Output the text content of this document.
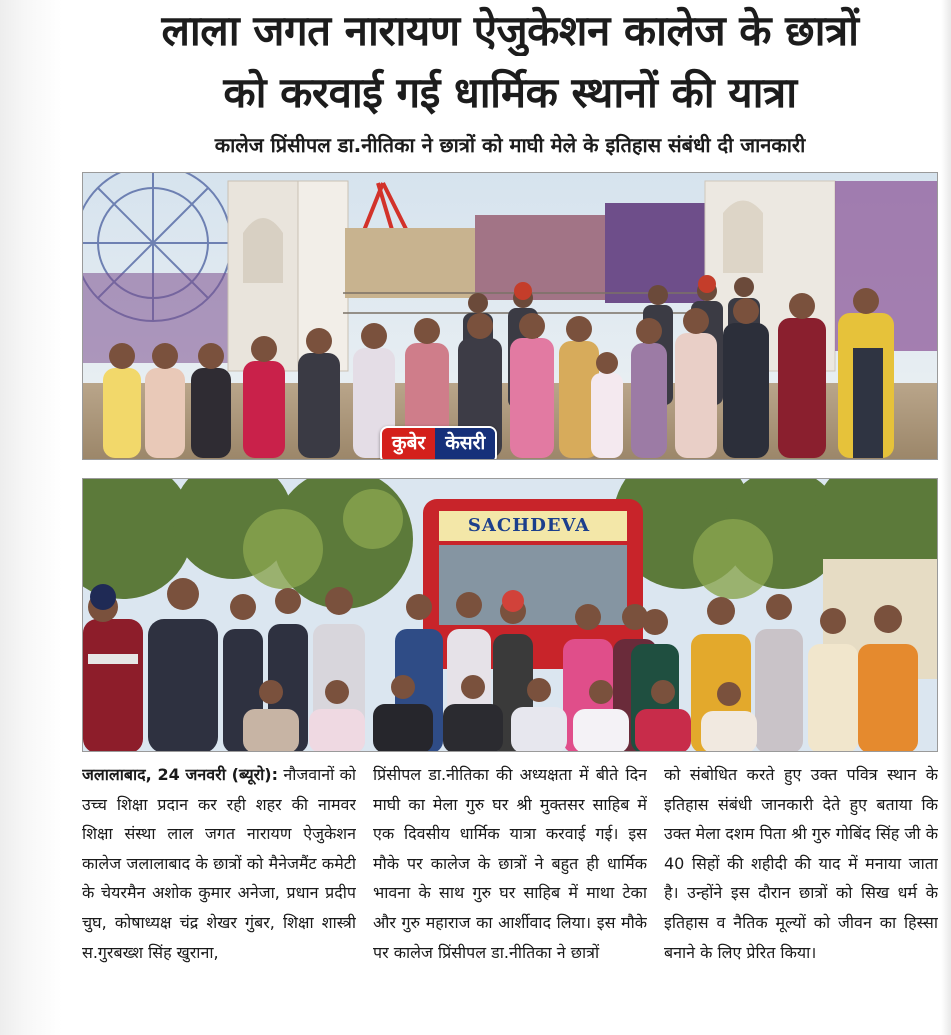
लाला जगत नारायण ऐजुकेशन कालेज के छात्रों
को करवाई गई धार्मिक स्थानों की यात्रा
कालेज प्रिंसीपल डा.नीतिका ने छात्रों को माघी मेले के इतिहास संबंधी दी जानकारी
कुबेर	केसरी
SACHDEVA

जलालाबाद, 24 जनवरी (ब्यूरो): नौजवानों को उच्च शिक्षा प्रदान कर रही शहर की नामवर शिक्षा संस्था लाल जगत नारायण ऐजुकेशन कालेज जलालाबाद के छात्रों को मैनेजमैंट कमेटी के चेयरमैन अशोक कुमार अनेजा, प्रधान प्रदीप चुघ, कोषाध्यक्ष चंद्र शेखर गुंबर, शिक्षा शास्त्री स.गुरबख्श सिंह खुराना,

प्रिंसीपल डा.नीतिका की अध्यक्षता में बीते दिन माघी का मेला गुरु घर श्री मुक्तसर साहिब में एक दिवसीय धार्मिक यात्रा करवाई गई। इस मौके पर कालेज के छात्रों ने बहुत ही धार्मिक भावना के साथ गुरु घर साहिब में माथा टेका और गुरु महाराज का आर्शीवाद लिया। इस मौके पर कालेज प्रिंसीपल डा.नीतिका ने छात्रों

को संबोधित करते हुए उक्त पवित्र स्थान के इतिहास संबंधी जानकारी देते हुए बताया कि उक्त मेला दशम पिता श्री गुरु गोबिंद सिंह जी के 40 सिहों की शहीदी की याद में मनाया जाता है। उन्होंने इस दौरान छात्रों को सिख धर्म के इतिहास व नैतिक मूल्यों को जीवन का हिस्सा बनाने के लिए प्रेरित किया।
